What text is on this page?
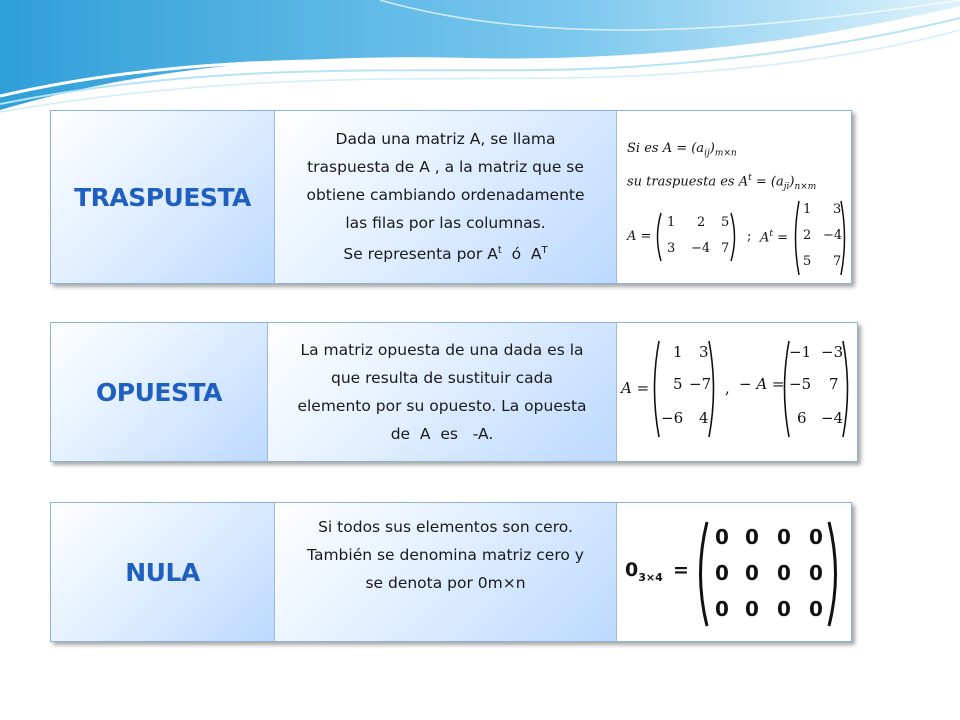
TRASPUESTA
Dada una matriz A, se llama
traspuesta de A , a la matriz que se
obtiene cambiando ordenadamente
las filas por las columnas.
Se representa por $A^t$  ó  $A^T$
Si es $A = (a_{ij})_{m\times n}$
su traspuesta es $A^t = (a_{ji})_{n\times m}$
A =
1 2 5
3 −4 7
; $A^t$ =
1 3
2 −4
5 7
OPUESTA
La matriz opuesta de una dada es la
que resulta de sustituir cada
elemento por su opuesto. La opuesta
de  A  es   -A.
A =
1 3
5 −7
−6 4
, − A =
−1 −3
−5 7
6 −4
NULA
Si todos sus elementos son cero.
También se denomina matriz cero y
se denota por 0m×n
$0_{3\times 4}$ =
0 0 0 0
0 0 0 0
0 0 0 0
